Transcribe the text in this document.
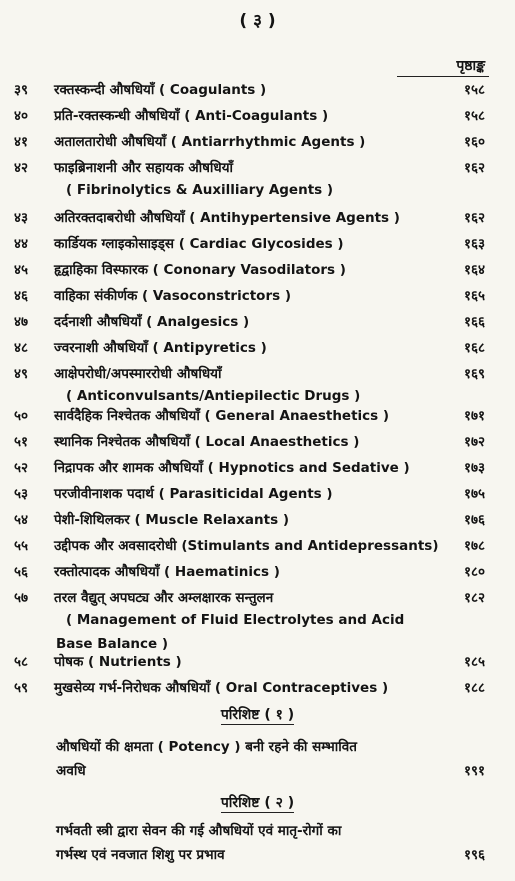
( ३ )
पृष्ठाङ्क
३९ रक्तस्कन्दी औषधियाँ ( Coagulants )	१५८
४० प्रति-रक्तस्कन्धी औषधियाँ ( Anti-Coagulants )	१५८
४१ अतालतारोधी औषधियाँ ( Antiarrhythmic Agents )	१६०
४२ फाइब्रिनाशनी और सहायक औषधियाँ	१६२
( Fibrinolytics & Auxilliary Agents )
४३ अतिरक्तदाबरोधी औषधियाँ ( Antihypertensive Agents )	१६२
४४ कार्डियक ग्लाइकोसाइड्स ( Cardiac Glycosides )	१६३
४५ हृद्वाहिका विस्फारक ( Cononary Vasodilators )	१६४
४६ वाहिका संकीर्णक ( Vasoconstrictors )	१६५
४७ दर्दनाशी औषधियाँ ( Analgesics )	१६६
४८ ज्वरनाशी औषधियाँ ( Antipyretics )	१६८
४९ आक्षेपरोधी/अपस्माररोधी औषधियाँ	१६९
( Anticonvulsants/Antiepilectic Drugs )
५० सार्वदैहिक निश्चेतक औषधियाँ ( General Anaesthetics )	१७१
५१ स्थानिक निश्चेतक औषधियाँ ( Local Anaesthetics )	१७२
५२ निद्रापक और शामक औषधियाँ ( Hypnotics and Sedative )	१७३
५३ परजीवीनाशक पदार्थ ( Parasiticidal Agents )	१७५
५४ पेशी-शिथिलकर ( Muscle Relaxants )	१७६
५५ उद्दीपक और अवसादरोधी (Stimulants and Antidepressants) १७८
५६ रक्तोत्पादक औषधियाँ ( Haematinics )	१८०
५७ तरल वैद्युत् अपघट्य और अम्लक्षारक सन्तुलन	१८२
( Management of Fluid Electrolytes and Acid
Base Balance )
५८ पोषक ( Nutrients )	१८५
५९ मुखसेव्य गर्भ-निरोधक औषधियाँ ( Oral Contraceptives )	१८८
परिशिष्ट ( १ )
औषधियों की क्षमता ( Potency ) बनी रहने की सम्भावित
अवधि	१९१
परिशिष्ट ( २ )
गर्भवती स्त्री द्वारा सेवन की गई औषधियों एवं मातृ-रोगों का
गर्भस्थ एवं नवजात शिशु पर प्रभाव	१९६
